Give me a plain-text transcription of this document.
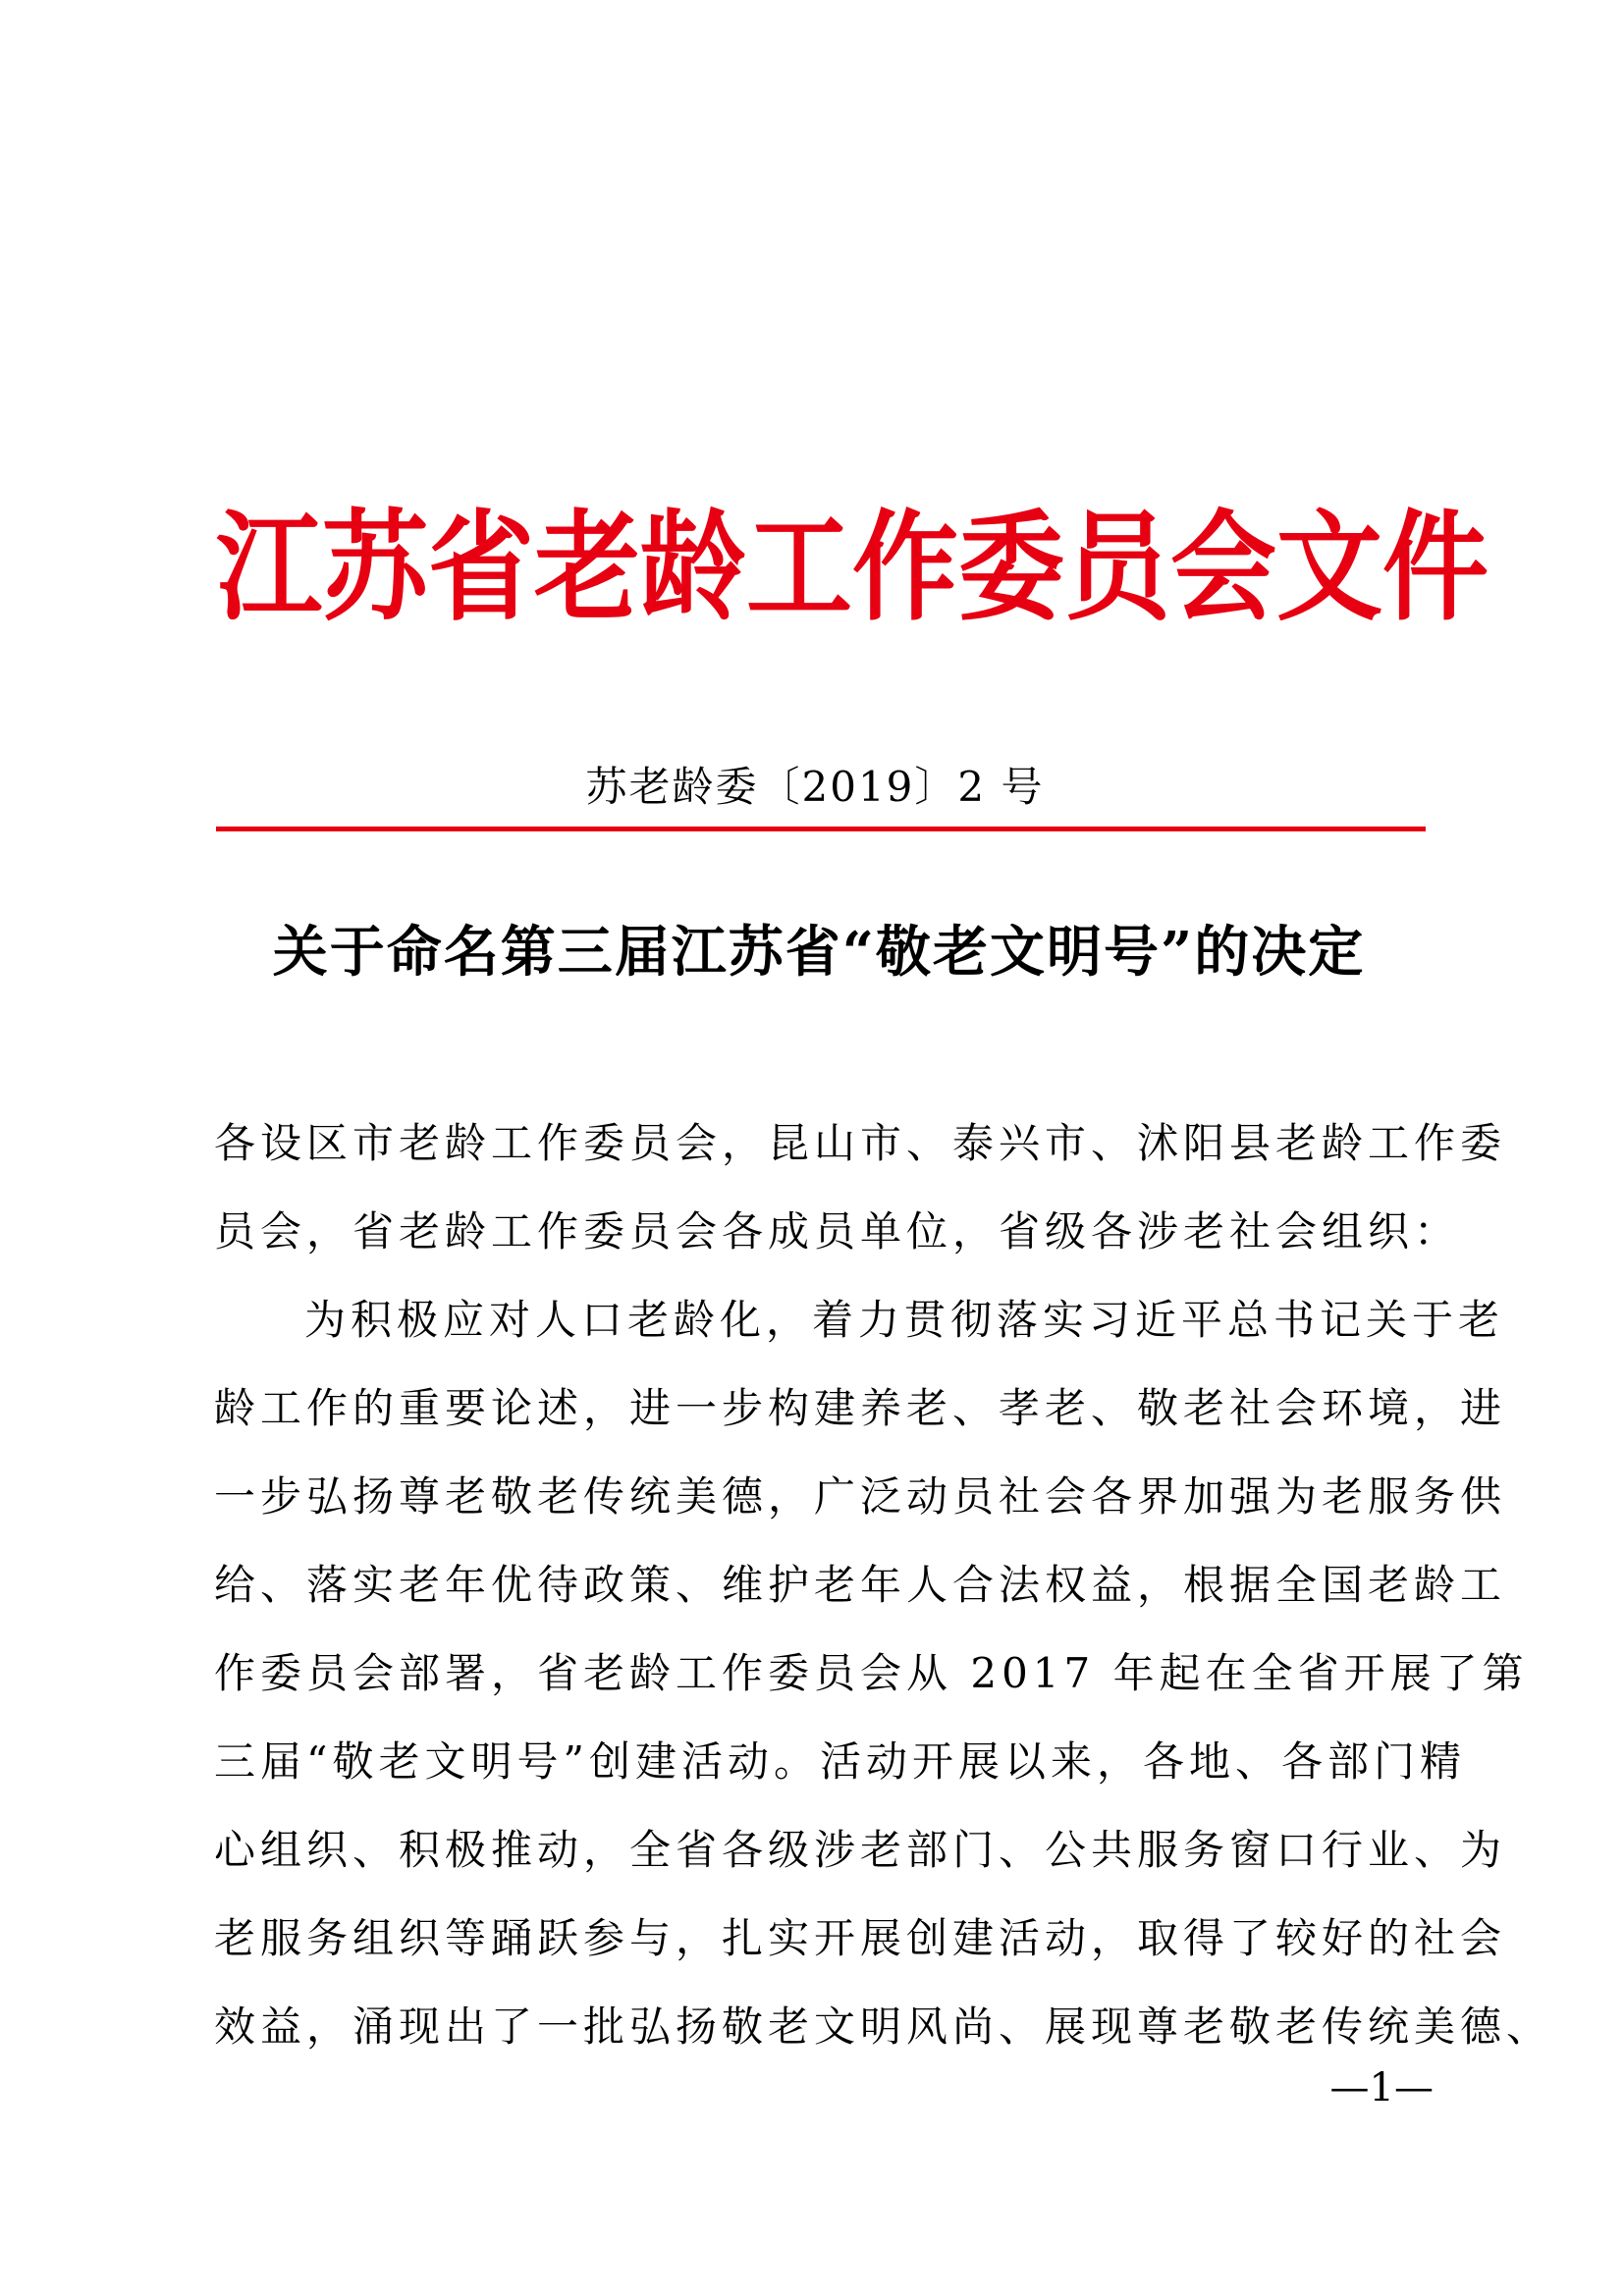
江苏省老龄工作委员会文件
苏老龄委〔2019〕2 号
关于命名第三届江苏省“敬老文明号”的决定
各设区市老龄工作委员会，昆山市、泰兴市、沭阳县老龄工作委
员会，省老龄工作委员会各成员单位，省级各涉老社会组织：
为积极应对人口老龄化，着力贯彻落实习近平总书记关于老
龄工作的重要论述，进一步构建养老、孝老、敬老社会环境，进
一步弘扬尊老敬老传统美德，广泛动员社会各界加强为老服务供
给、落实老年优待政策、维护老年人合法权益，根据全国老龄工
作委员会部署，省老龄工作委员会从 2017 年起在全省开展了第
三届“敬老文明号”创建活动。活动开展以来，各地、各部门精
心组织、积极推动，全省各级涉老部门、公共服务窗口行业、为
老服务组织等踊跃参与，扎实开展创建活动，取得了较好的社会
效益，涌现出了一批弘扬敬老文明风尚、展现尊老敬老传统美德、
—1—
